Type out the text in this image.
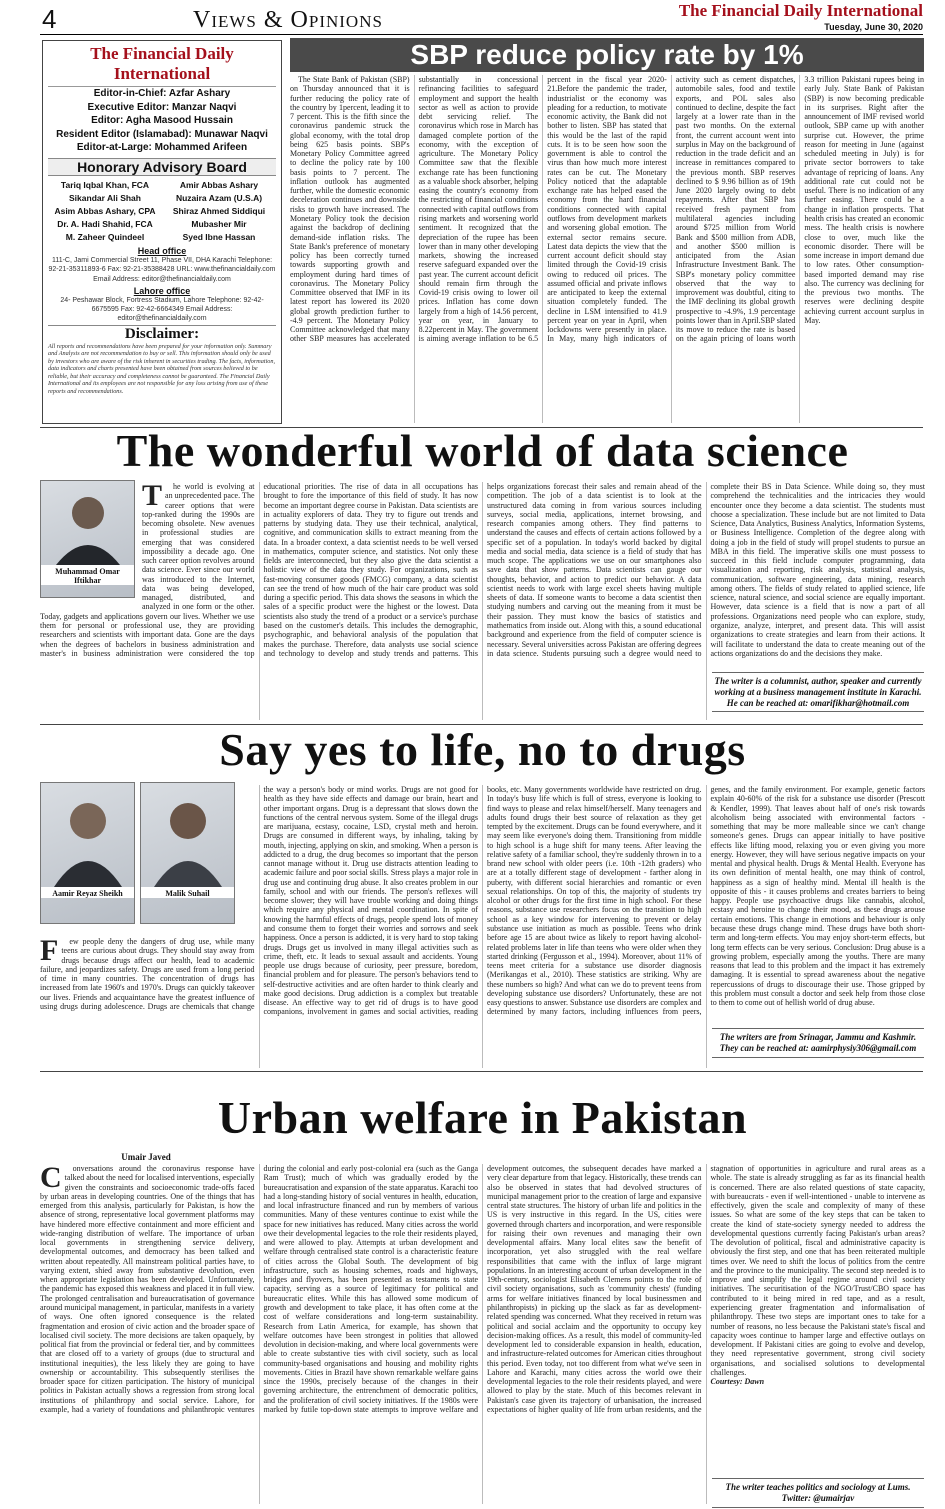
4	Views & Opinions	The Financial Daily International
Tuesday, June 30, 2020
The Financial Daily International
Editor-in-Chief: Azfar Ashary
Executive Editor: Manzar Naqvi
Editor: Agha Masood Hussain
Resident Editor (Islamabad): Munawar Naqvi
Editor-at-Large: Mohammed Arifeen
Honorary Advisory Board
Tariq Iqbal Khan, FCA	Amir Abbas Ashary
Sikandar Ali Shah	Nuzaira Azam (U.S.A)
Asim Abbas Ashary, CPA	Shiraz Ahmed Siddiqui
Dr. A. Hadi Shahid, FCA	Mubasher Mir
M. Zaheer Quindeel	Syed Ibne Hassan
Head office
111-C, Jami Commercial Street 11, Phase VII, DHA Karachi Telephone: 92-21-35311893-6 Fax: 92-21-35388428 URL: www.thefinancialdaily.com Email Address: editor@thefinancialdaily.com
Lahore office
24- Peshawar Block, Fortress Stadium, Lahore Telephone: 92-42-6675595 Fax: 92-42-6664349 Email Address: editor@thefinancialdaily.com
Disclaimer:
All reports and recommendations have been prepared for your information only. Summary and Analysis are not recommendation to buy or sell. This information should only be used by investors who are aware of the risk inherent in securities trading. The facts, information, data indicators and charts presented have been obtained from sources believed to be reliable, but their accuracy and completeness cannot be guaranteed. The Financial Daily International and its employees are not responsible for any loss arising from use of these reports and recommendations.
SBP reduce policy rate by 1%

The State Bank of Pakistan (SBP) on Thursday announced that it is further reducing the policy rate of the country by 1percent, leading it to 7 percent. This is the fifth since the coronavirus pandemic struck the global economy, with the total drop being 625 basis points. SBP's Monetary Policy Committee agreed to decline the policy rate by 100 basis points to 7 percent. The inflation outlook has augmented further, while the domestic economic deceleration continues and downside risks to growth have increased. The Monetary Policy took the decision against the backdrop of declining demand-side inflation risks. The State Bank's preference of monetary policy has been correctly turned towards supporting growth and employment during hard times of coronavirus. The Monetary Policy Committee observed that IMF in its latest report has lowered its 2020 global growth prediction further to -4.9 percent. The Monetary Policy Committee acknowledged that many other SBP measures has accelerated substantially in concessional refinancing facilities to safeguard employment and support the health sector as well as action to provide debt servicing relief. The coronavirus which rose in March has damaged complete portion of the economy, with the exception of agriculture. The Monetary Policy Committee saw that the flexible exchange rate has been functioning as a valuable shock absorber, helping easing the country's economy from the restricting of financial conditions connected with capital outflows from rising markets and worsening world sentiment. It recognized that the depreciation of the rupee has been lower than in many other developing markets, showing the increased reserve safeguard expanded over the past year. The current account deficit should remain firm through the Covid-19 crisis owing to lower oil prices. Inflation has come down largely from a high of 14.56 percent, year on year, in January to 8.22percent in May. The government is aiming average inflation to be 6.5 percent in the fiscal year 2020-21.Before the pandemic the trader, industrialist or the economy was pleading for a reduction, to motivate economic activity, the Bank did not bother to listen. SBP has stated that this would be the last of the rapid cuts. It is to be seen how soon the government is able to control the virus than how much more interest rates can be cut. The Monetary Policy noticed that the adaptable exchange rate has helped eased the economy from the hard financial conditions connected with capital outflows from development markets and worsening global emotion. The external sector remains secure. Latest data depicts the view that the current account deficit should stay limited through the Covid-19 crisis owing to reduced oil prices. The assumed official and private inflows are anticipated to keep the external situation completely funded. The decline in LSM intensified to 41.9 percent year on year in April, when lockdowns were presently in place. In May, many high indicators of activity such as cement dispatches, automobile sales, food and textile exports, and POL sales also continued to decline, despite the fact largely at a lower rate than in the past two months. On the external front, the current account went into surplus in May on the background of reduction in the trade deficit and an increase in remittances compared to the previous month. SBP reserves declined to $ 9.96 billion as of 19th June 2020 largely owing to debt repayments. After that SBP has received fresh payment from multilateral agencies including around $725 million from World Bank and $500 million from ADB, and another $500 million is anticipated from the Asian Infrastructure Investment Bank. The SBP's monetary policy committee observed that the way to improvement was doubtful, citing to the IMF declining its global growth prospective to -4.9%, 1.9 percentage points lower than in April.SBP slated its move to reduce the rate is based on the again pricing of loans worth 3.3 trillion Pakistani rupees being in early July. State Bank of Pakistan (SBP) is now becoming predicable in its surprises. Right after the announcement of IMF revised world outlook, SBP came up with another surprise cut. However, the prime reason for meeting in June (against scheduled meeting in July) is for private sector borrowers to take advantage of repricing of loans. Any additional rate cut could not be useful. There is no indication of any further easing. There could be a change in inflation prospects. That health crisis has created an economic mess. The health crisis is nowhere close to over, much like the economic disorder. There will be some increase in import demand due to low rates. Other consumption-based imported demand may rise also. The currency was declining for the previous two months. The reserves were declining despite achieving current account surplus in May.

The wonderful world of data science
Muhammad Omar Iftikhar

T	he world is evolving at an unprecedented pace. The career options that were top-ranked during the 1990s are becoming obsolete. New avenues in professional studies are emerging that was considered impossibility a decade ago. One such career option revolves around data science. Ever since our world was introduced to the Internet, data was being developed, managed, distributed, and analyzed in one form or the other. Today, gadgets and applications govern our lives. Whether we use them for personal or professional use, they are providing researchers and scientists with important data. Gone are the days when the degrees of bachelors in business administration and master's in business administration were considered the top educational priorities. The rise of data in all occupations has brought to fore the importance of this field of study. It has now become an important degree course in Pakistan. Data scientists are in actuality explorers of data. They try to figure out trends and patterns by studying data. They use their technical, analytical, cognitive, and communication skills to extract meaning from the data. In a broader context, a data scientist needs to be well versed in mathematics, computer science, and statistics. Not only these fields are interconnected, but they also give the data scientist a holistic view of the data they study. For organizations, such as fast-moving consumer goods (FMCG) company, a data scientist can see the trend of how much of the hair care product was sold during a specific period. This data shows the seasons in which the sales of a specific product were the highest or the lowest. Data scientists also study the trend of a product or a service's purchase based on the customer's details. This includes the demographic, psychographic, and behavioral analysis of the population that makes the purchase. Therefore, data analysts use social science and technology to develop and study trends and patterns. This helps organizations forecast their sales and remain ahead of the competition. The job of a data scientist is to look at the unstructured data coming in from various sources including surveys, social media, applications, internet browsing, and research companies among others. They find patterns to understand the causes and effects of certain actions followed by a specific set of a population. In today's world backed by digital media and social media, data science is a field of study that has much scope. The applications we use on our smartphones also save data that show patterns. Data scientists can gauge our thoughts, behavior, and action to predict our behavior. A data scientist needs to work with large excel sheets having multiple sheets of data. If someone wants to become a data scientist then studying numbers and carving out the meaning from it must be their passion. They must know the basics of statistics and mathematics from inside out. Along with this, a sound educational background and experience from the field of computer science is necessary. Several universities across Pakistan are offering degrees in data science. Students pursuing such a degree would need to complete their BS in Data Science. While doing so, they must comprehend the technicalities and the intricacies they would encounter once they become a data scientist. The students must choose a specialization. These include but are not limited to Data Science, Data Analytics, Business Analytics, Information Systems, or Business Intelligence. Completion of the degree along with doing a job in the field of study will propel students to pursue an MBA in this field. The imperative skills one must possess to succeed in this field include computer programming, data visualization and reporting, risk analysis, statistical analysis, communication, software engineering, data mining, research among others. The fields of study related to applied science, life science, natural science, and social science are equally important. However, data science is a field that is now a part of all professions. Organizations need people who can explore, study, organize, analyze, interpret, and present data. This will assist organizations to create strategies and learn from their actions. It will facilitate to understand the data to create meaning out of the actions organizations do and the decisions they make.

The writer is a columnist, author, speaker and currently working at a business management institute in Karachi. He can be reached at: omarifikhar@hotmail.com
Say yes to life, no to drugs
Aamir Reyaz Sheikh	Malik Suhail

F	ew people deny the dangers of drug use, while many teens are curious about drugs. They should stay away from drugs because drugs affect our health, lead to academic failure, and jeopardizes safety. Drugs are used from a long period of time in many countries. The concentration of drugs has increased from late 1960's and 1970's. Drugs can quickly takeover our lives. Friends and acquaintance have the greatest influence of using drugs during adolescence. Drugs are chemicals that change the way a person's body or mind works. Drugs are not good for health as they have side effects and damage our brain, heart and other important organs. Drug is a depressant that slows down the functions of the central nervous system. Some of the illegal drugs are marijuana, ecstasy, cocaine, LSD, crystal meth and heroin. Drugs are consumed in different ways, by inhaling, taking by mouth, injecting, applying on skin, and smoking. When a person is addicted to a drug, the drug becomes so important that the person cannot manage without it. Drug use distracts attention leading to academic failure and poor social skills. Stress plays a major role in drug use and continuing drug abuse. It also creates problem in our family, school and with our friends. The person's reflexes will become slower; they will have trouble working and doing things which require any physical and mental coordination. In spite of knowing the harmful effects of drugs, people spend lots of money and consume them to forget their worries and sorrows and seek happiness. Once a person is addicted, it is very hard to stop taking drugs. Drugs get us involved in many illegal activities such as crime, theft, etc. It leads to sexual assault and accidents. Young people use drugs because of curiosity, peer pressure, boredom, financial problem and for pleasure. The person's behaviors tend to self-destructive activities and are often harder to think clearly and make good decisions. Drug addiction is a complex but treatable disease. An effective way to get rid of drugs is to have good companions, involvement in games and social activities, reading books, etc. Many governments worldwide have restricted on drug. In today's busy life which is full of stress, everyone is looking to find ways to please and relax himself/herself. Many teenagers and adults found drugs their best source of relaxation as they get tempted by the excitement. Drugs can be found everywhere, and it may seem like everyone's doing them. Transitioning from middle to high school is a huge shift for many teens. After leaving the relative safety of a familiar school, they're suddenly thrown in to a brand new school with older peers (i.e. 10th -12th graders) who are at a totally different stage of development - farther along in puberty, with different social hierarchies and romantic or even sexual relationships. On top of this, the majority of students try alcohol or other drugs for the first time in high school. For these reasons, substance use researchers focus on the transition to high school as a key window for intervening to prevent or delay substance use initiation as much as possible. Teens who drink before age 15 are about twice as likely to report having alcohol-related problems later in life than teens who were older when they started drinking (Fergusson et al., 1994). Moreover, about 11% of teens meet criteria for a substance use disorder diagnosis (Merikangas et al., 2010). These statistics are striking. Why are these numbers so high? And what can we do to prevent teens from developing substance use disorders? Unfortunately, these are not easy questions to answer. Substance use disorders are complex and determined by many factors, including influences from peers, genes, and the family environment. For example, genetic factors explain 40-60% of the risk for a substance use disorder (Prescott & Kendler, 1999). That leaves about half of one's risk towards alcoholism being associated with environmental factors - something that may be more malleable since we can't change someone's genes. Drugs can appear initially to have positive effects like lifting mood, relaxing you or even giving you more energy. However, they will have serious negative impacts on your mental and physical health. Drugs & Mental Health. Everyone has its own definition of mental health, one may think of control, happiness as a sign of healthy mind. Mental ill health is the opposite of this - it causes problems and creates barriers to being happy. People use psychoactive drugs like cannabis, alcohol, ecstasy and heroine to change their mood, as these drugs arouse certain emotions. This change in emotions and behaviour is only because these drugs change mind. These drugs have both short-term and long-term effects. You may enjoy short-term effects, but long term effects can be very serious. Conclusion: Drug abuse is a growing problem, especially among the youths. There are many reasons that lead to this problem and the impact it has extremely damaging. It is essential to spread awareness about the negative repercussions of drugs to discourage their use. Those gripped by this problem must consult a doctor and seek help from those close to them to come out of hellish world of drug abuse.

The writers are from Srinagar, Jammu and Kashmir. They can be reached at: aamirphysiy306@gmail.com
Urban welfare in Pakistan
Umair Javed

C	onversations around the coronavirus response have talked about the need for localised interventions, especially given the constraints and socioeconomic trade-offs faced by urban areas in developing countries. One of the things that has emerged from this analysis, particularly for Pakistan, is how the absence of strong, representative local government platforms may have hindered more effective containment and more efficient and wide-ranging distribution of welfare. The importance of urban local governments in strengthening service delivery, developmental outcomes, and democracy has been talked and written about repeatedly. All mainstream political parties have, to varying extent, shied away from substantive devolution, even when appropriate legislation has been developed. Unfortunately, the pandemic has exposed this weakness and placed it in full view. The prolonged centralisation and bureaucratisation of governance around municipal management, in particular, manifests in a variety of ways. One often ignored consequence is the related fragmentation and erosion of civic action and the broader space of localised civil society. The more decisions are taken opaquely, by political fiat from the provincial or federal tier, and by committees that are closed off to a variety of groups (due to structural and institutional inequities), the less likely they are going to have ownership or accountability. This subsequently sterilises the broader space for citizen participation. The history of municipal politics in Pakistan actually shows a regression from strong local institutions of philanthropy and social service. Lahore, for example, had a variety of foundations and philanthropic ventures during the colonial and early post-colonial era (such as the Ganga Ram Trust); much of which was gradually eroded by the bureaucratisation and expansion of the state apparatus. Karachi too had a long-standing history of social ventures in health, education, and local infrastructure financed and run by members of various communities. Many of these ventures continue to exist while the space for new initiatives has reduced. Many cities across the world owe their developmental legacies to the role their residents played, and were allowed to play. Attempts at urban development and welfare through centralised state control is a characteristic feature of cities across the Global South. The development of big infrastructure, such as housing schemes, roads and highways, bridges and flyovers, has been presented as testaments to state capacity, serving as a source of legitimacy for political and bureaucratic elites. While this has allowed some modicum of growth and development to take place, it has often come at the cost of welfare considerations and long-term sustainability. Research from Latin America, for example, has shown that welfare outcomes have been strongest in polities that allowed devolution in decision-making, and where local governments were able to create substantive ties with civil society, such as local community-based organisations and housing and mobility rights movements. Cities in Brazil have shown remarkable welfare gains since the 1990s, precisely because of the changes in their governing architecture, the entrenchment of democratic politics, and the proliferation of civil society initiatives. If the 1980s were marked by futile top-down state attempts to improve welfare and development outcomes, the subsequent decades have marked a very clear departure from that legacy. Historically, these trends can also be observed in states that had devolved structures of municipal management prior to the creation of large and expansive central state structures. The history of urban life and politics in the US is very instructive in this regard. In the US, cities were governed through charters and incorporation, and were responsible for raising their own revenues and managing their own developmental affairs. Many local elites saw the benefit of incorporation, yet also struggled with the real welfare responsibilities that came with the influx of large migrant populations. In an interesting account of urban development in the 19th-century, sociologist Elisabeth Clemens points to the role of civil society organisations, such as 'community chests' (funding arms for welfare initiatives financed by local businessmen and philanthropists) in picking up the slack as far as development-related spending was concerned. What they received in return was political and social acclaim and the opportunity to occupy key decision-making offices. As a result, this model of community-led development led to considerable expansion in health, education, and infrastructure-related outcomes for American cities throughout this period. Even today, not too different from what we've seen in Lahore and Karachi, many cities across the world owe their developmental legacies to the role their residents played, and were allowed to play by the state. Much of this becomes relevant in Pakistan's case given its trajectory of urbanisation, the increased expectations of higher quality of life from urban residents, and the stagnation of opportunities in agriculture and rural areas as a whole. The state is already struggling as far as its financial health is concerned. There are also related questions of state capacity, with bureaucrats - even if well-intentioned - unable to intervene as effectively, given the scale and complexity of many of these issues. So what are some of the key steps that can be taken to create the kind of state-society synergy needed to address the developmental questions currently facing Pakistan's urban areas? The devolution of political, fiscal and administrative capacity is obviously the first step, and one that has been reiterated multiple times over. We need to shift the locus of politics from the centre and the province to the municipality. The second step needed is to improve and simplify the legal regime around civil society initiatives. The securitisation of the NGO/Trust/CBO space has contributed to it being mired in red tape, and as a result, experiencing greater fragmentation and informalisation of philanthropy. These two steps are important ones to take for a number of reasons, no less because the Pakistani state's fiscal and capacity woes continue to hamper large and effective outlays on development. If Pakistani cities are going to evolve and develop, they need representative government, strong civil society organisations, and socialised solutions to developmental challenges.

Courtesy: Dawn

The writer teaches politics and sociology at Lums. Twitter: @umairjav
